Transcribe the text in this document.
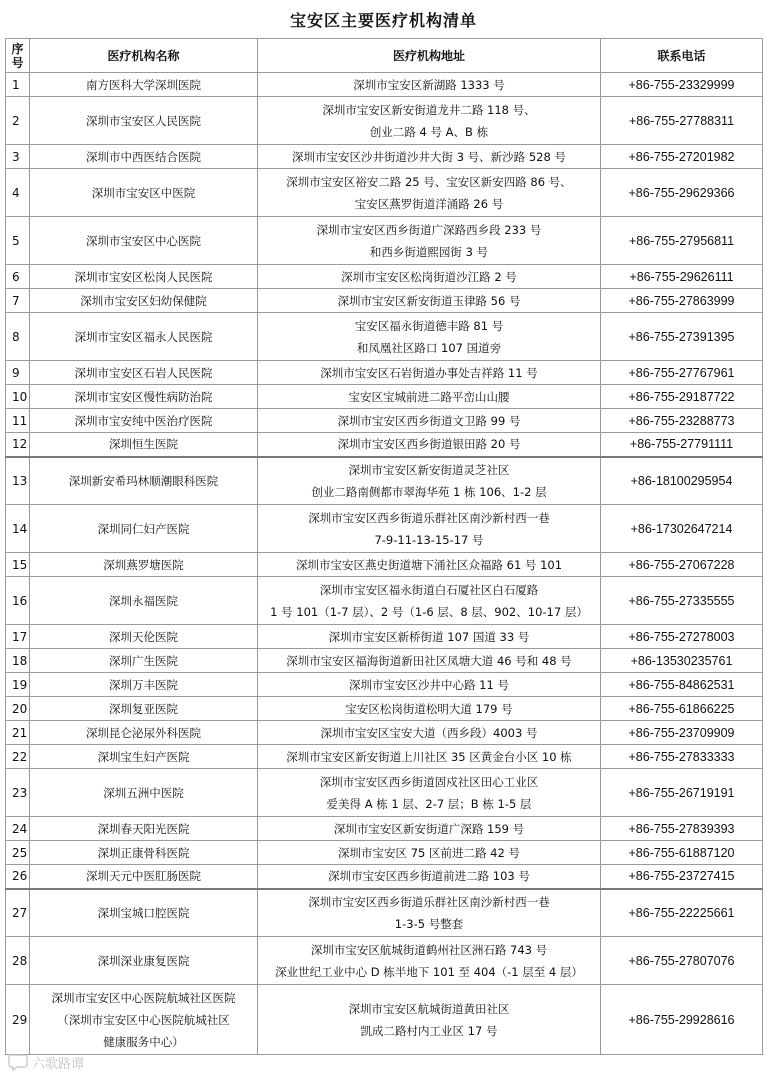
宝安区主要医疗机构清单
序
号	医疗机构名称	医疗机构地址	联系电话
1	南方医科大学深圳医院	深圳市宝安区新湖路 1333 号	+86-755-23329999
2	深圳市宝安区人民医院	深圳市宝安区新安街道龙井二路 118 号、
创业二路 4 号 A、B 栋	+86-755-27788311
3	深圳市中西医结合医院	深圳市宝安区沙井街道沙井大街 3 号、新沙路 528 号	+86-755-27201982
4	深圳市宝安区中医院	深圳市宝安区裕安二路 25 号、宝安区新安四路 86 号、
宝安区燕罗街道洋涌路 26 号	+86-755-29629366
5	深圳市宝安区中心医院	深圳市宝安区西乡街道广深路西乡段 233 号
和西乡街道熙园街 3 号	+86-755-27956811
6	深圳市宝安区松岗人民医院	深圳市宝安区松岗街道沙江路 2 号	+86-755-29626111
7	深圳市宝安区妇幼保健院	深圳市宝安区新安街道玉律路 56 号	+86-755-27863999
8	深圳市宝安区福永人民医院	宝安区福永街道德丰路 81 号
和凤凰社区路口 107 国道旁	+86-755-27391395
9	深圳市宝安区石岩人民医院	深圳市宝安区石岩街道办事处吉祥路 11 号	+86-755-27767961
10	深圳市宝安区慢性病防治院	宝安区宝城前进二路平峦山山腰	+86-755-29187722
11	深圳市宝安纯中医治疗医院	深圳市宝安区西乡街道文卫路 99 号	+86-755-23288773
12	深圳恒生医院	深圳市宝安区西乡街道银田路 20 号	+86-755-27791111
13	深圳新安希玛林顺潮眼科医院	深圳市宝安区新安街道灵芝社区
创业二路南侧都市翠海华苑 1 栋 106、1-2 层	+86-18100295954
14	深圳同仁妇产医院	深圳市宝安区西乡街道乐群社区南沙新村西一巷
7-9-11-13-15-17 号	+86-17302647214
15	深圳燕罗塘医院	深圳市宝安区燕史街道塘下涌社区众福路 61 号 101	+86-755-27067228
16	深圳永福医院	深圳市宝安区福永街道白石厦社区白石厦路
1 号 101（1-7 层）、2 号（1-6 层、8 层、902、10-17 层）	+86-755-27335555
17	深圳天伦医院	深圳市宝安区新桥街道 107 国道 33 号	+86-755-27278003
18	深圳广生医院	深圳市宝安区福海街道新田社区凤塘大道 46 号和 48 号	+86-13530235761
19	深圳万丰医院	深圳市宝安区沙井中心路 11 号	+86-755-84862531
20	深圳复亚医院	宝安区松岗街道松明大道 179 号	+86-755-61866225
21	深圳昆仑泌尿外科医院	深圳市宝安区宝安大道（西乡段）4003 号	+86-755-23709909
22	深圳宝生妇产医院	深圳市宝安区新安街道上川社区 35 区黄金台小区 10 栋	+86-755-27833333
23	深圳五洲中医院	深圳市宝安区西乡街道固戍社区田心工业区
爱美得 A 栋 1 层、2-7 层；B 栋 1-5 层	+86-755-26719191
24	深圳春天阳光医院	深圳市宝安区新安街道广深路 159 号	+86-755-27839393
25	深圳正康骨科医院	深圳市宝安区 75 区前进二路 42 号	+86-755-61887120
26	深圳天元中医肛肠医院	深圳市宝安区西乡街道前进二路 103 号	+86-755-23727415
27	深圳宝城口腔医院	深圳市宝安区西乡街道乐群社区南沙新村西一巷
1-3-5 号整套	+86-755-22225661
28	深圳深业康复医院	深圳市宝安区航城街道鹤州社区洲石路 743 号
深业世纪工业中心 D 栋半地下 101 至 404（-1 层至 4 层）	+86-755-27807076
29	深圳市宝安区中心医院航城社区医院
（深圳市宝安区中心医院航城社区
健康服务中心）	深圳市宝安区航城街道黄田社区
凯成二路村内工业区 17 号	+86-755-29928616
六歌路谭
